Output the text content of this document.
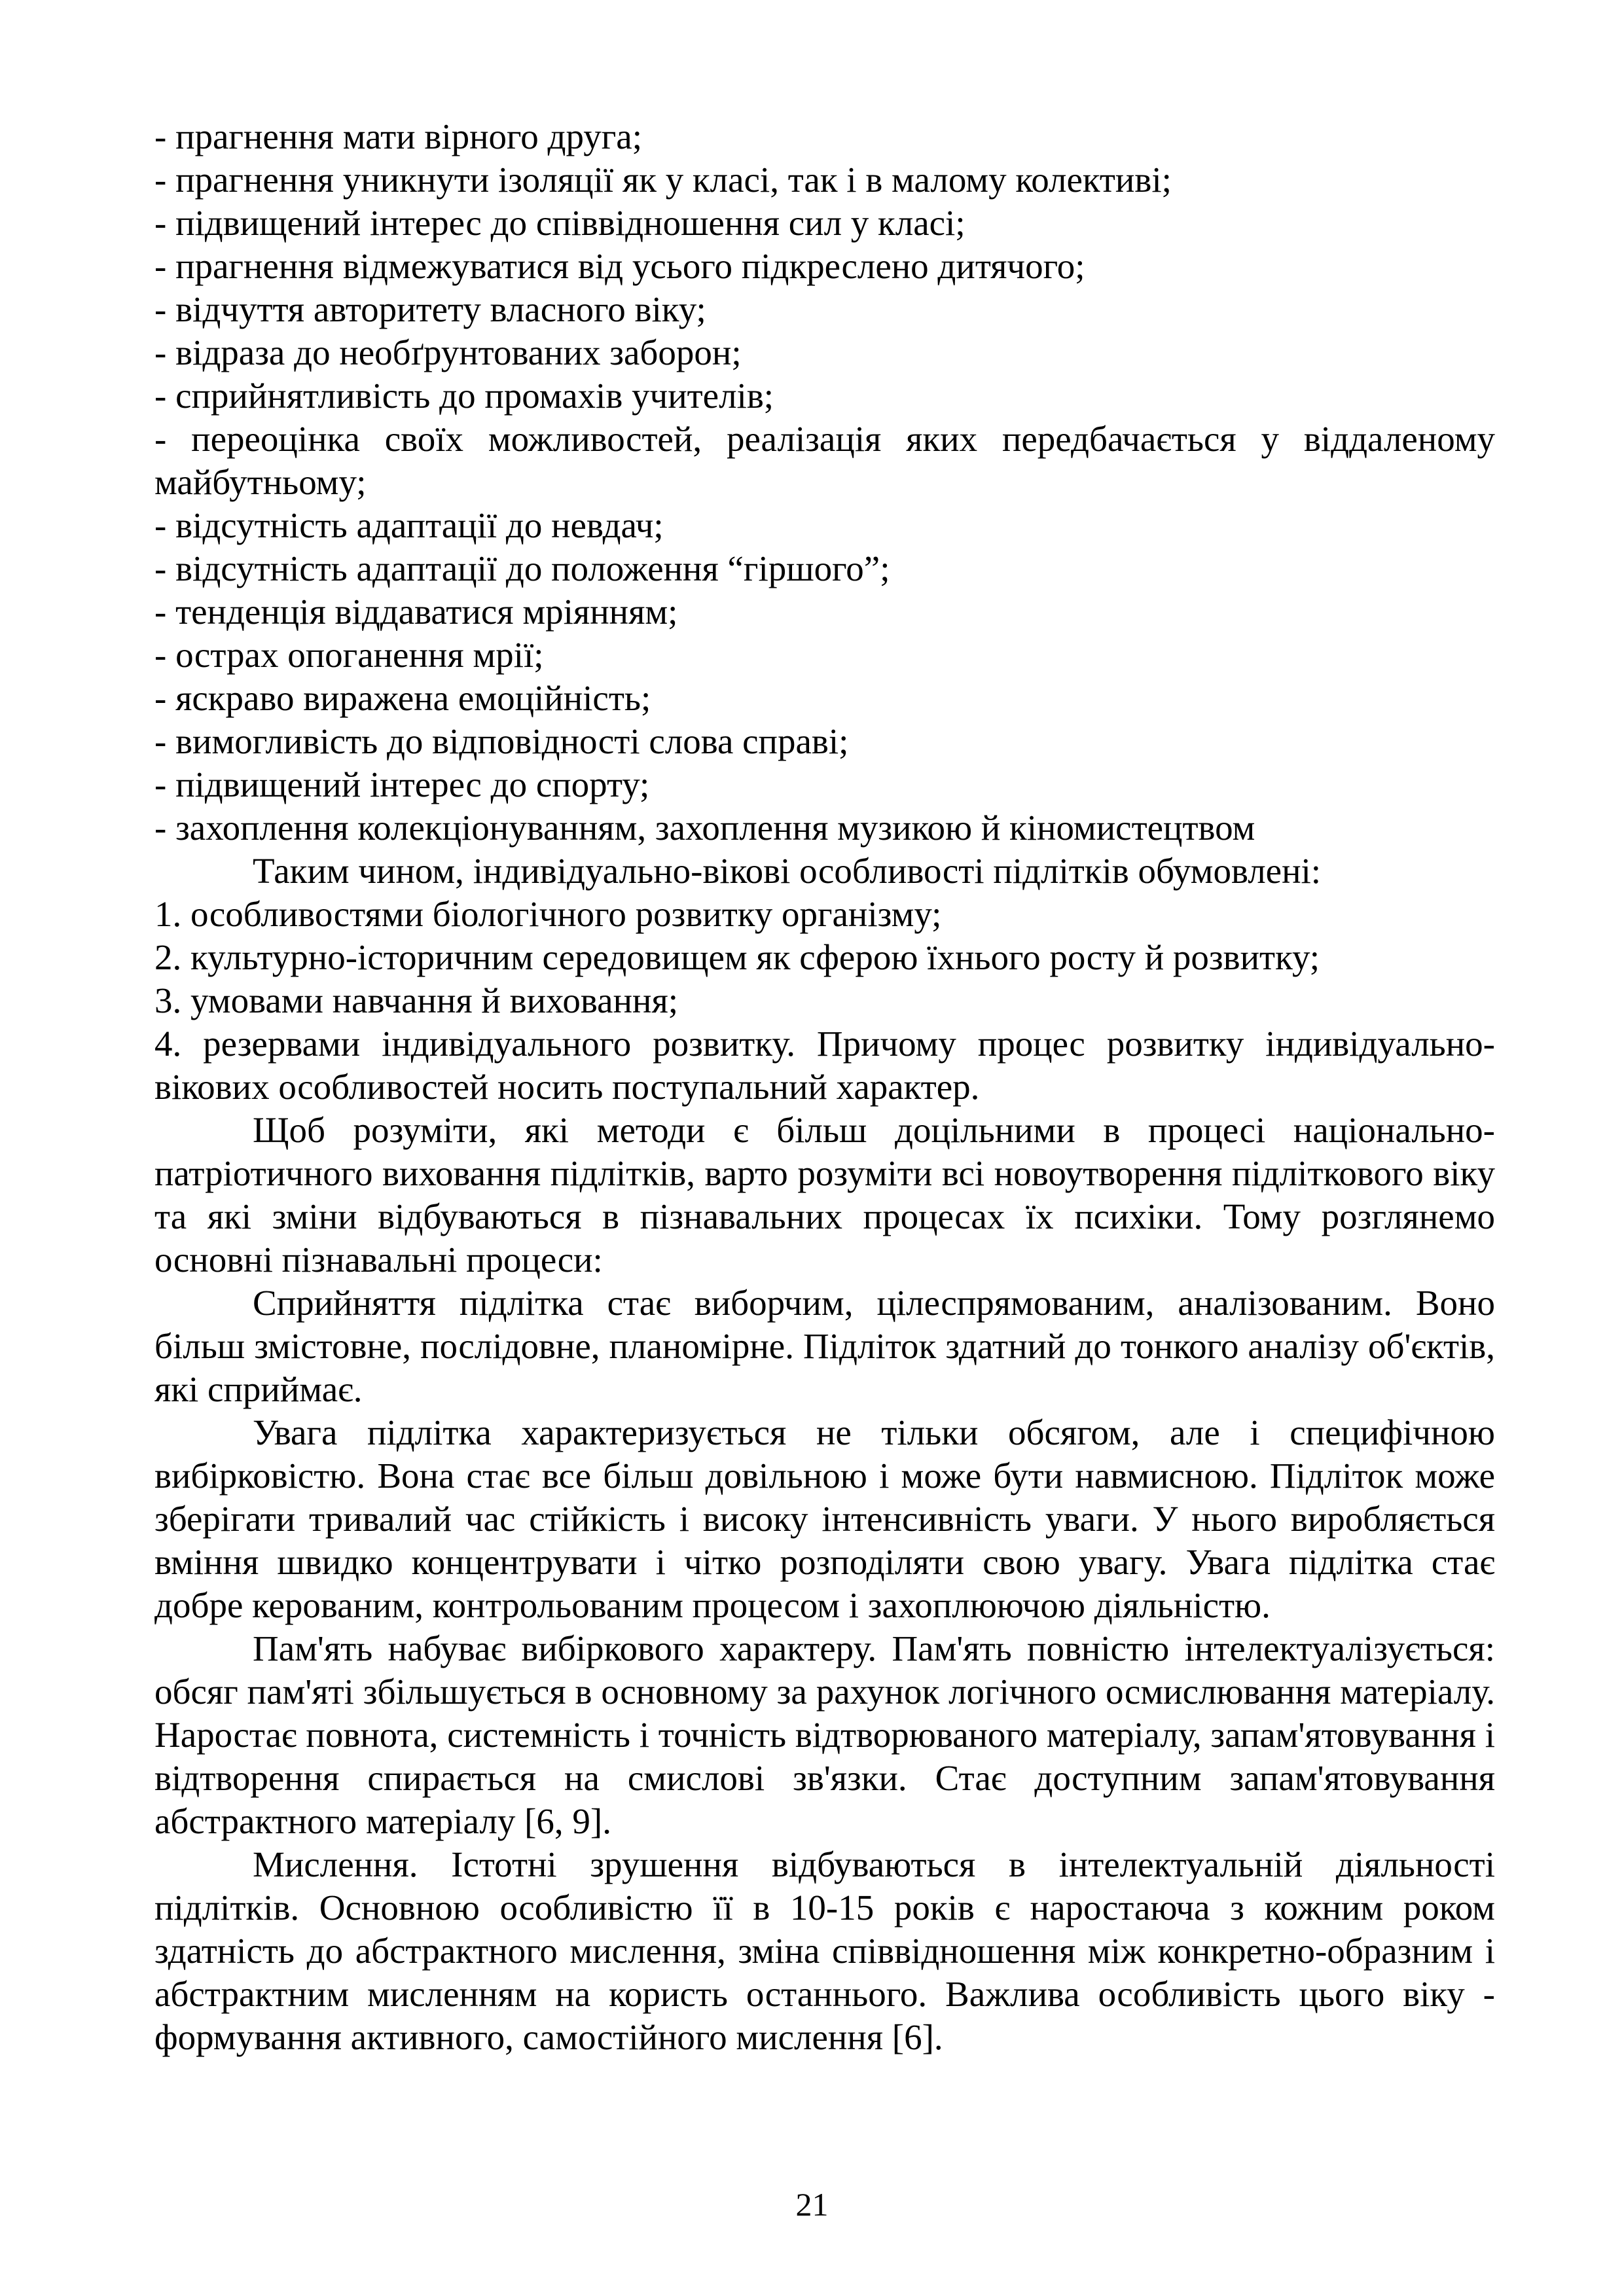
- прагнення мати вірного друга;
- прагнення уникнути ізоляції як у класі, так і в малому колективі;
- підвищений інтерес до співвідношення сил у класі;
- прагнення відмежуватися від усього підкреслено дитячого;
- відчуття авторитету власного віку;
- відраза до необґрунтованих заборон;
- сприйнятливість до промахів учителів;

- переоцінка своїх можливостей, реалізація яких передбачається у віддаленому майбутньому;

- відсутність адаптації до невдач;
- відсутність адаптації до положення “гіршого”;
- тенденція віддаватися мріянням;
- острах опоганення мрії;
- яскраво виражена емоційність;
- вимогливість до відповідності слова справі;
- підвищений інтерес до спорту;
- захоплення колекціонуванням, захоплення музикою й кіномистецтвом

Таким чином, індивідуально-вікові особливості підлітків обумовлені:

1. особливостями біологічного розвитку організму;
2. культурно-історичним середовищем як сферою їхнього росту й розвитку;
3. умовами навчання й виховання;

4. резервами індивідуального розвитку. Причому процес розвитку індивідуально-вікових особливостей носить поступальний характер.

Щоб розуміти, які методи є більш доцільними в процесі національно-патріотичного виховання підлітків, варто розуміти всі новоутворення підліткового віку та які зміни відбуваються в пізнавальних процесах їх психіки. Тому розглянемо основні пізнавальні процеси:

Сприйняття підлітка стає виборчим, цілеспрямованим, аналізованим. Воно більш змістовне, послідовне, планомірне. Підліток здатний до тонкого аналізу об'єктів, які сприймає.

Увага підлітка характеризується не тільки обсягом, але і специфічною вибірковістю. Вона стає все більш довільною і може бути навмисною. Підліток може зберігати тривалий час стійкість і високу інтенсивність уваги. У нього виробляється вміння швидко концентрувати і чітко розподіляти свою увагу. Увага підлітка стає добре керованим, контрольованим процесом і захоплюючою діяльністю.

Пам'ять набуває вибіркового характеру. Пам'ять повністю інтелектуалізується: обсяг пам'яті збільшується в основному за рахунок логічного осмислювання матеріалу. Наростає повнота, системність і точність відтворюваного матеріалу, запам'ятовування і відтворення спирається на смислові зв'язки. Стає доступним запам'ятовування абстрактного матеріалу [6, 9].

Мислення. Істотні зрушення відбуваються в інтелектуальній діяльності підлітків. Основною особливістю її в 10-15 років є наростаюча з кожним роком здатність до абстрактного мислення, зміна співвідношення між конкретно-образним і абстрактним мисленням на користь останнього. Важлива особливість цього віку - формування активного, самостійного мислення [6].

21
